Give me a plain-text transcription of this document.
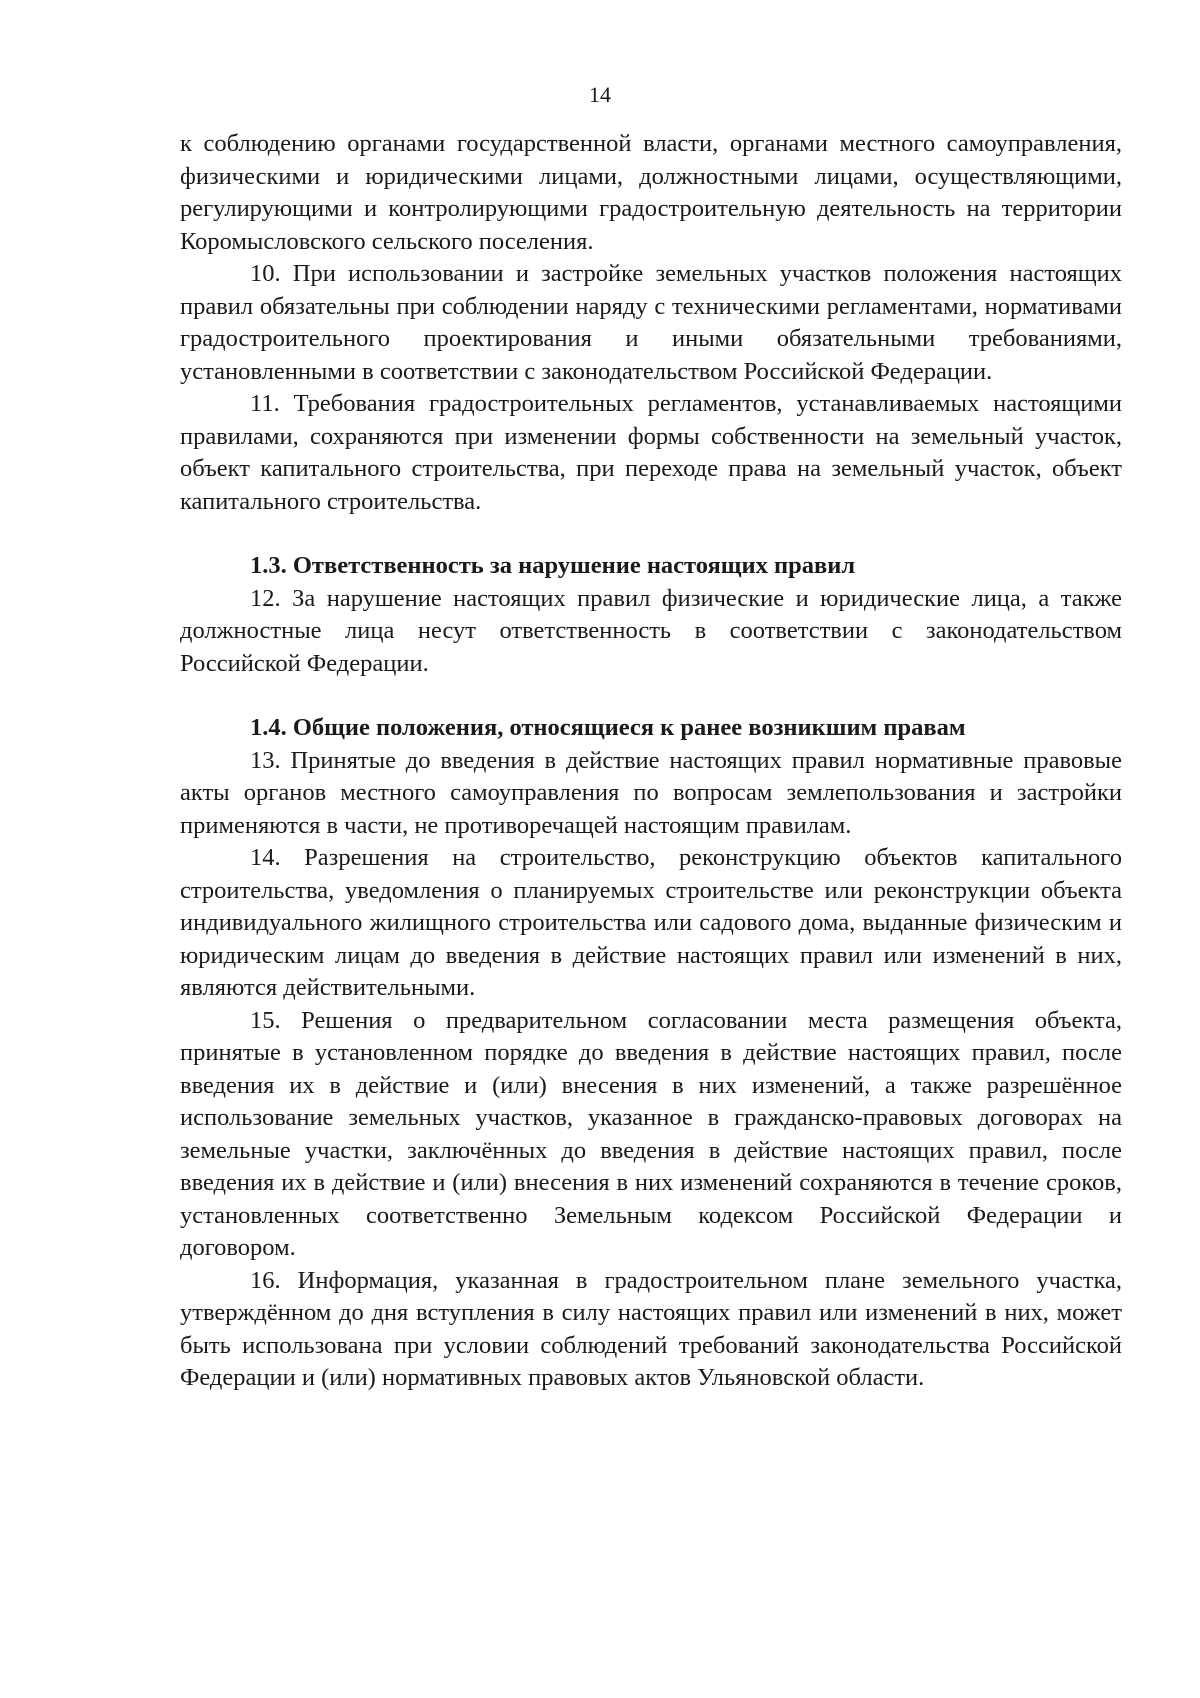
14

к соблюдению органами государственной власти, органами местного самоуправления, физическими и юридическими лицами, должностными лицами, осуществляющими, регулирующими и контролирующими градостроительную деятельность на территории Коромысловского сельского поселения.

10. При использовании и застройке земельных участков положения настоящих правил обязательны при соблюдении наряду с техническими регламентами, нормативами градостроительного проектирования и иными обязательными требованиями, установленными в соответствии с законодательством Российской Федерации.

11. Требования градостроительных регламентов, устанавливаемых настоящими правилами, сохраняются при изменении формы собственности на земельный участок, объект капитального строительства, при переходе права на земельный участок, объект капитального строительства.

1.3. Ответственность за нарушение настоящих правил

12. За нарушение настоящих правил физические и юридические лица, а также должностные лица несут ответственность в соответствии с законодательством Российской Федерации.

1.4. Общие положения, относящиеся к ранее возникшим правам

13. Принятые до введения в действие настоящих правил нормативные правовые акты органов местного самоуправления по вопросам землепользования и застройки применяются в части, не противоречащей настоящим правилам.

14. Разрешения на строительство, реконструкцию объектов капитального строительства, уведомления о планируемых строительстве или реконструкции объекта индивидуального жилищного строительства или садового дома, выданные физическим и юридическим лицам до введения в действие настоящих правил или изменений в них, являются действительными.

15. Решения о предварительном согласовании места размещения объекта, принятые в установленном порядке до введения в действие настоящих правил, после введения их в действие и (или) внесения в них изменений, а также разрешённое использование земельных участков, указанное в гражданско-правовых договорах на земельные участки, заключённых до введения в действие настоящих правил, после введения их в действие и (или) внесения в них изменений сохраняются в течение сроков, установленных соответственно Земельным кодексом Российской Федерации и договором.

16. Информация, указанная в градостроительном плане земельного участка, утверждённом до дня вступления в силу настоящих правил или изменений в них, может быть использована при условии соблюдений требований законодательства Российской Федерации и (или) нормативных правовых актов Ульяновской области.
